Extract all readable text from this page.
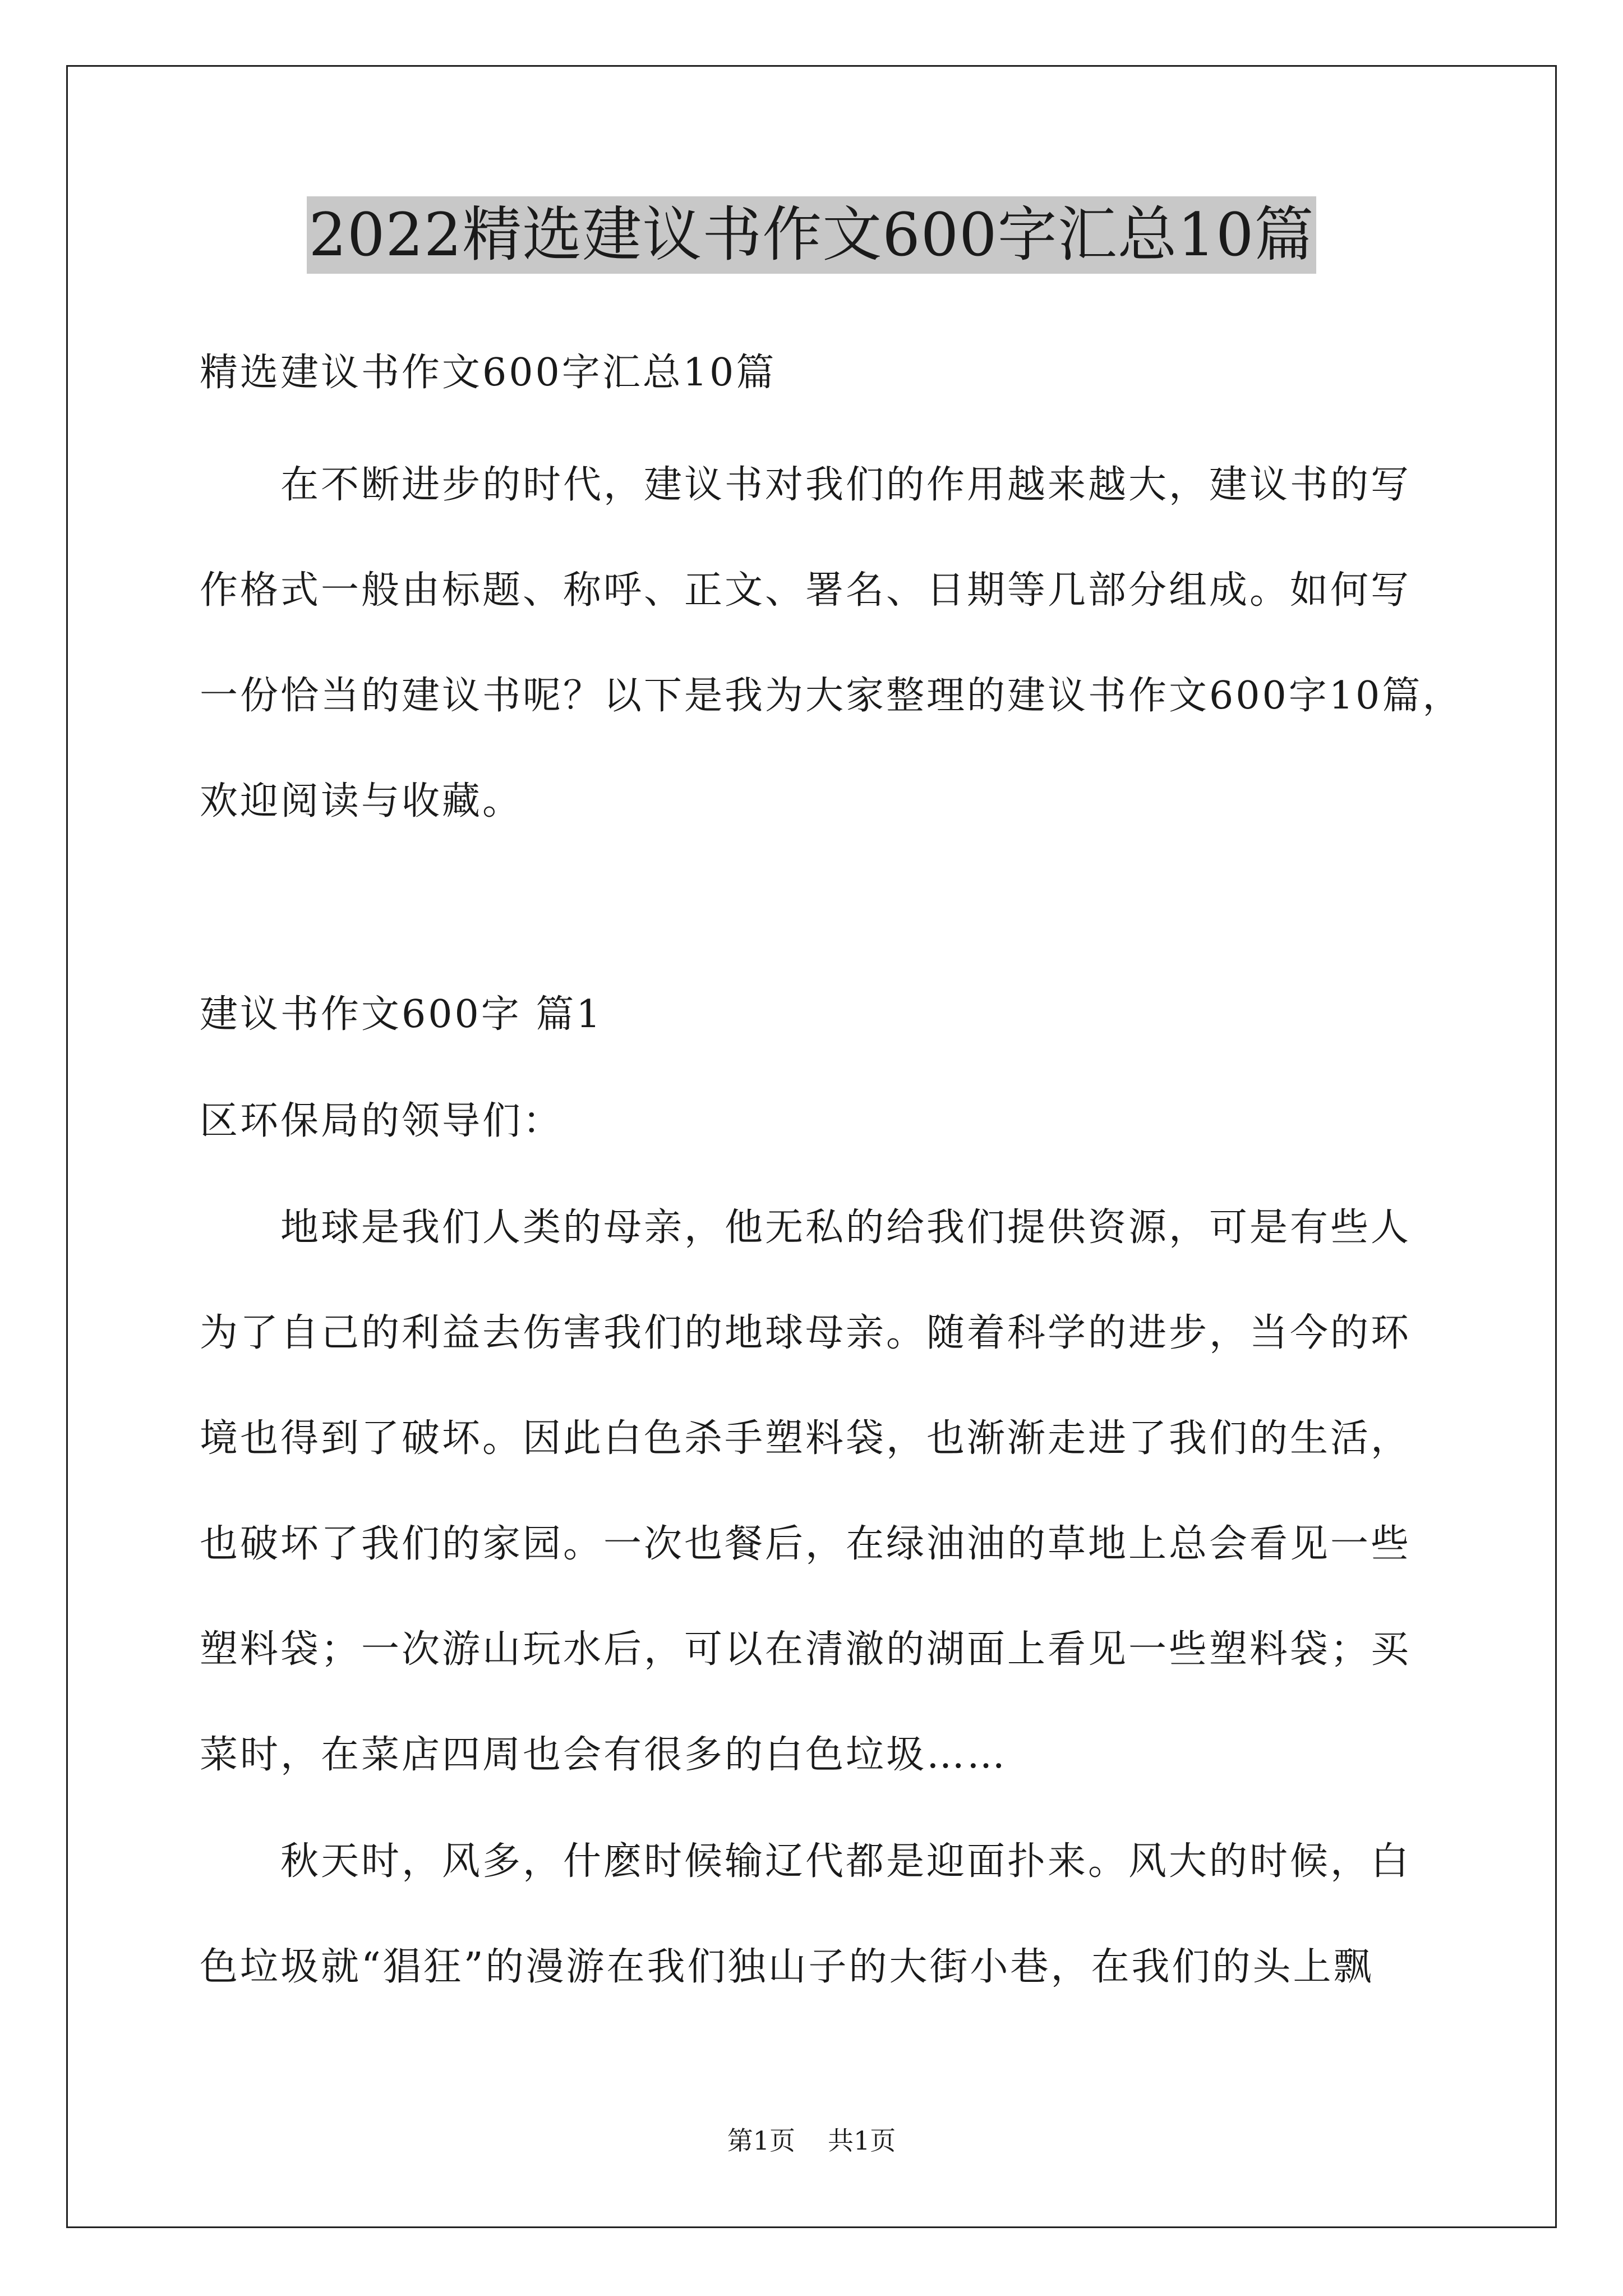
2022精选建议书作文600字汇总10篇
精选建议书作文600字汇总10篇
在不断进步的时代，建议书对我们的作用越来越大，建议书的写
作格式一般由标题、称呼、正文、署名、日期等几部分组成。如何写
一份恰当的建议书呢？以下是我为大家整理的建议书作文600字10篇，
欢迎阅读与收藏。
建议书作文600字 篇1
区环保局的领导们：
地球是我们人类的母亲，他无私的给我们提供资源，可是有些人
为了自己的利益去伤害我们的地球母亲。随着科学的进步，当今的环
境也得到了破坏。因此白色杀手塑料袋，也渐渐走进了我们的生活，
也破坏了我们的家园。一次也餐后，在绿油油的草地上总会看见一些
塑料袋；一次游山玩水后，可以在清澈的湖面上看见一些塑料袋；买
菜时，在菜店四周也会有很多的白色垃圾……
秋天时，风多，什麽时候输辽代都是迎面扑来。风大的时候，白
色垃圾就“猖狂”的漫游在我们独山子的大街小巷，在我们的头上飘
第1页 共1页
